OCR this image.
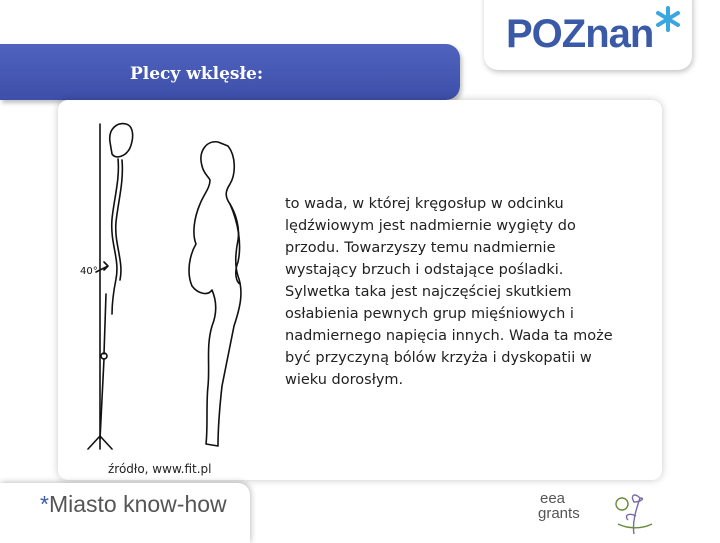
POZnan
Plecy wklęsłe:
40°
to wada, w której kręgosłup w odcinku lędźwiowym jest nadmiernie wygięty do przodu. Towarzyszy temu nadmiernie wystający brzuch i odstające pośladki. Sylwetka taka jest najczęściej skutkiem osłabienia pewnych grup mięśniowych i nadmiernego napięcia innych. Wada ta może być przyczyną bólów krzyża i dyskopatii w wieku dorosłym.
źródło, www.fit.pl
*Miasto know-how	eea
grants
